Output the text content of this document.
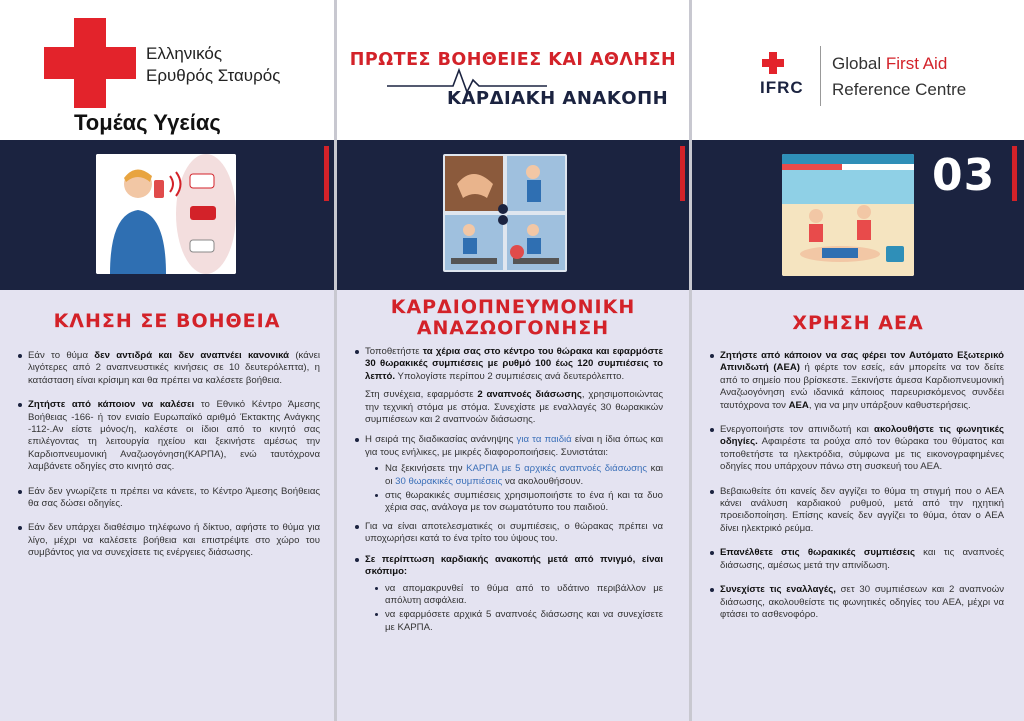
Ελληνικός
Ερυθρός Σταυρός
Τομέας Υγείας
ΚΛΗΣΗ ΣΕ ΒΟΗΘΕΙΑ
Εάν το θύμα δεν αντιδρά και δεν αναπνέει κανονικά (κάνει λιγότερες από 2 αναπνευστικές κινήσεις σε 10 δευτερόλεπτα), η κατάσταση είναι κρίσιμη και θα πρέπει να καλέσετε βοήθεια.
Ζητήστε από κάποιον να καλέσει το Εθνικό Κέντρο Άμεσης Βοήθειας -166- ή τον ενιαίο Ευρωπαϊκό αριθμό Έκτακτης Ανάγκης -112-.Αν είστε μόνος/η, καλέστε οι ίδιοι από το κινητό σας επιλέγοντας τη λειτουργία ηχείου και ξεκινήστε αμέσως την Καρδιοπνευμονική Αναζωογόνηση(ΚΑΡΠΑ), ενώ ταυτόχρονα λαμβάνετε οδηγίες στο κινητό σας.
Εάν δεν γνωρίζετε τι πρέπει να κάνετε, το Κέντρο Άμεσης Βοήθειας θα σας δώσει οδηγίες.
Εάν δεν υπάρχει διαθέσιμο τηλέφωνο ή δίκτυο, αφήστε το θύμα για λίγο, μέχρι να καλέσετε βοήθεια και επιστρέψτε στο χώρο του συμβάντος για να συνεχίσετε τις ενέργειες διάσωσης.
ΠΡΩΤΕΣ ΒΟΗΘΕΙΕΣ ΚΑΙ ΑΘΛΗΣΗ
ΚΑΡΔΙΑΚΗ ΑΝΑΚΟΠΗ
ΚΑΡΔΙΟΠΝΕΥΜΟΝΙΚΗ
ΑΝΑΖΩΟΓΟΝΗΣΗ
Τοποθετήστε τα χέρια σας στο κέντρο του θώρακα και εφαρμόστε 30 θωρακικές συμπιέσεις με ρυθμό 100 έως 120 συμπιέσεις το λεπτό. Υπολογίστε περίπου 2 συμπιέσεις ανά δευτερόλεπτο.
Στη συνέχεια, εφαρμόστε 2 αναπνοές διάσωσης, χρησιμοποιώντας την τεχνική στόμα με στόμα. Συνεχίστε με εναλλαγές 30 θωρακικών συμπιέσεων και 2 αναπνοών διάσωσης.
Η σειρά της διαδικασίας ανάνηψης για τα παιδιά είναι η ίδια όπως και για τους ενήλικες, με μικρές διαφοροποιήσεις. Συνιστάται:
Να ξεκινήσετε την ΚΑΡΠΑ με 5 αρχικές αναπνοές διάσωσης και οι 30 θωρακικές συμπιέσεις να ακολουθήσουν.
στις θωρακικές συμπιέσεις χρησιμοποιήστε το ένα ή και τα δυο χέρια σας, ανάλογα με τον σωματότυπο του παιδιού.
Για να είναι αποτελεσματικές οι συμπιέσεις, ο θώρακας πρέπει να υποχωρήσει κατά το ένα τρίτο του ύψους του.
Σε περίπτωση καρδιακής ανακοπής μετά από πνιγμό, είναι σκόπιμο:
να απομακρυνθεί το θύμα από το υδάτινο περιβάλλον με απόλυτη ασφάλεια.
να εφαρμόσετε αρχικά 5 αναπνοές διάσωσης και να συνεχίσετε με ΚΑΡΠΑ.
IFRC
Global First Aid
Reference Centre
03
ΧΡΗΣΗ ΑΕΑ
Ζητήστε από κάποιον να σας φέρει τον Αυτόματο Εξωτερικό Απινιδωτή (ΑΕΑ) ή φέρτε τον εσείς, εάν μπορείτε να τον δείτε από το σημείο που βρίσκεστε. Ξεκινήστε άμεσα Καρδιοπνευμονική Αναζωογόνηση ενώ ιδανικά κάποιος παρευρισκόμενος συνδέει ταυτόχρονα τον ΑΕΑ, για να μην υπάρξουν καθυστερήσεις.
Ενεργοποιήστε τον απινιδωτή και ακολουθήστε τις φωνητικές οδηγίες. Αφαιρέστε τα ρούχα από τον θώρακα του θύματος και τοποθετήστε τα ηλεκτρόδια, σύμφωνα με τις εικονογραφημένες οδηγίες που υπάρχουν πάνω στη συσκευή του ΑΕΑ.
Βεβαιωθείτε ότι κανείς δεν αγγίζει το θύμα τη στιγμή που ο ΑΕΑ κάνει ανάλυση καρδιακού ρυθμού, μετά από την ηχητική προειδοποίηση. Επίσης κανείς δεν αγγίζει το θύμα, όταν ο ΑΕΑ δίνει ηλεκτρικό ρεύμα.
Επανέλθετε στις θωρακικές συμπιέσεις και τις αναπνοές διάσωσης, αμέσως μετά την απινίδωση.
Συνεχίστε τις εναλλαγές, σετ 30 συμπιέσεων και 2 αναπνοών διάσωσης, ακολουθείστε τις φωνητικές οδηγίες του ΑΕΑ, μέχρι να φτάσει το ασθενοφόρο.
